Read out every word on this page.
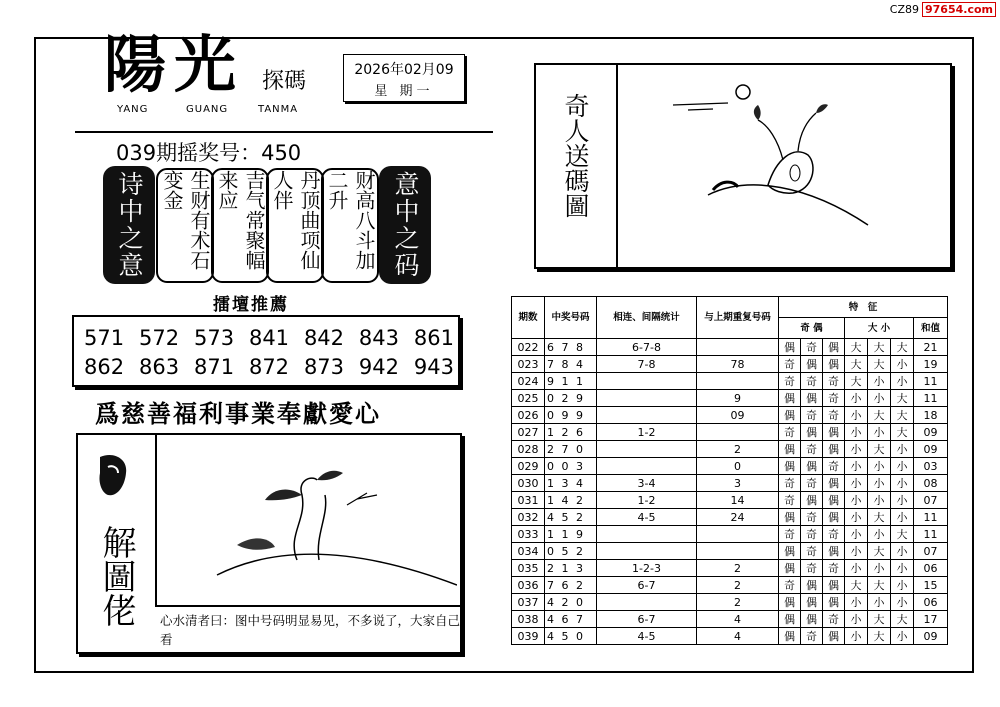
CZ89 97654.com
陽光 探碼
YANG	GUANG	TANMA
2026年02月09
星 期一
039期摇奖号：450
诗中之意	生财有术石变金	吉气常聚幅来应	丹顶曲项仙人伴	财高八斗加二升	意中之码
擂壇推薦
571 572 573 841 842 843 861
862 863 871 872 873 942 943
爲慈善福利事業奉獻愛心
解圖佬 心水清者曰：图中号码明显易见，不多说了，大家自己看
奇人送碼圖
期数	中奖号码	相连、间隔统计	与上期重复号码	特　征						
				奇 偶			大 小			和值
022	6 7 8	6-7-8		偶	奇	偶	大	大	大	21
023	7 8 4	7-8	78	奇	偶	偶	大	大	小	19
024	9 1 1			奇	奇	奇	大	小	小	11
025	0 2 9		9	偶	偶	奇	小	小	大	11
026	0 9 9		09	偶	奇	奇	小	大	大	18
027	1 2 6	1-2		奇	偶	偶	小	小	大	09
028	2 7 0		2	偶	奇	偶	小	大	小	09
029	0 0 3		0	偶	偶	奇	小	小	小	03
030	1 3 4	3-4	3	奇	奇	偶	小	小	小	08
031	1 4 2	1-2	14	奇	偶	偶	小	小	小	07
032	4 5 2	4-5	24	偶	奇	偶	小	大	小	11
033	1 1 9			奇	奇	奇	小	小	大	11
034	0 5 2			偶	奇	偶	小	大	小	07
035	2 1 3	1-2-3	2	偶	奇	奇	小	小	小	06
036	7 6 2	6-7	2	奇	偶	偶	大	大	小	15
037	4 2 0		2	偶	偶	偶	小	小	小	06
038	4 6 7	6-7	4	偶	偶	奇	小	大	大	17
039	4 5 0	4-5	4	偶	奇	偶	小	大	小	09
